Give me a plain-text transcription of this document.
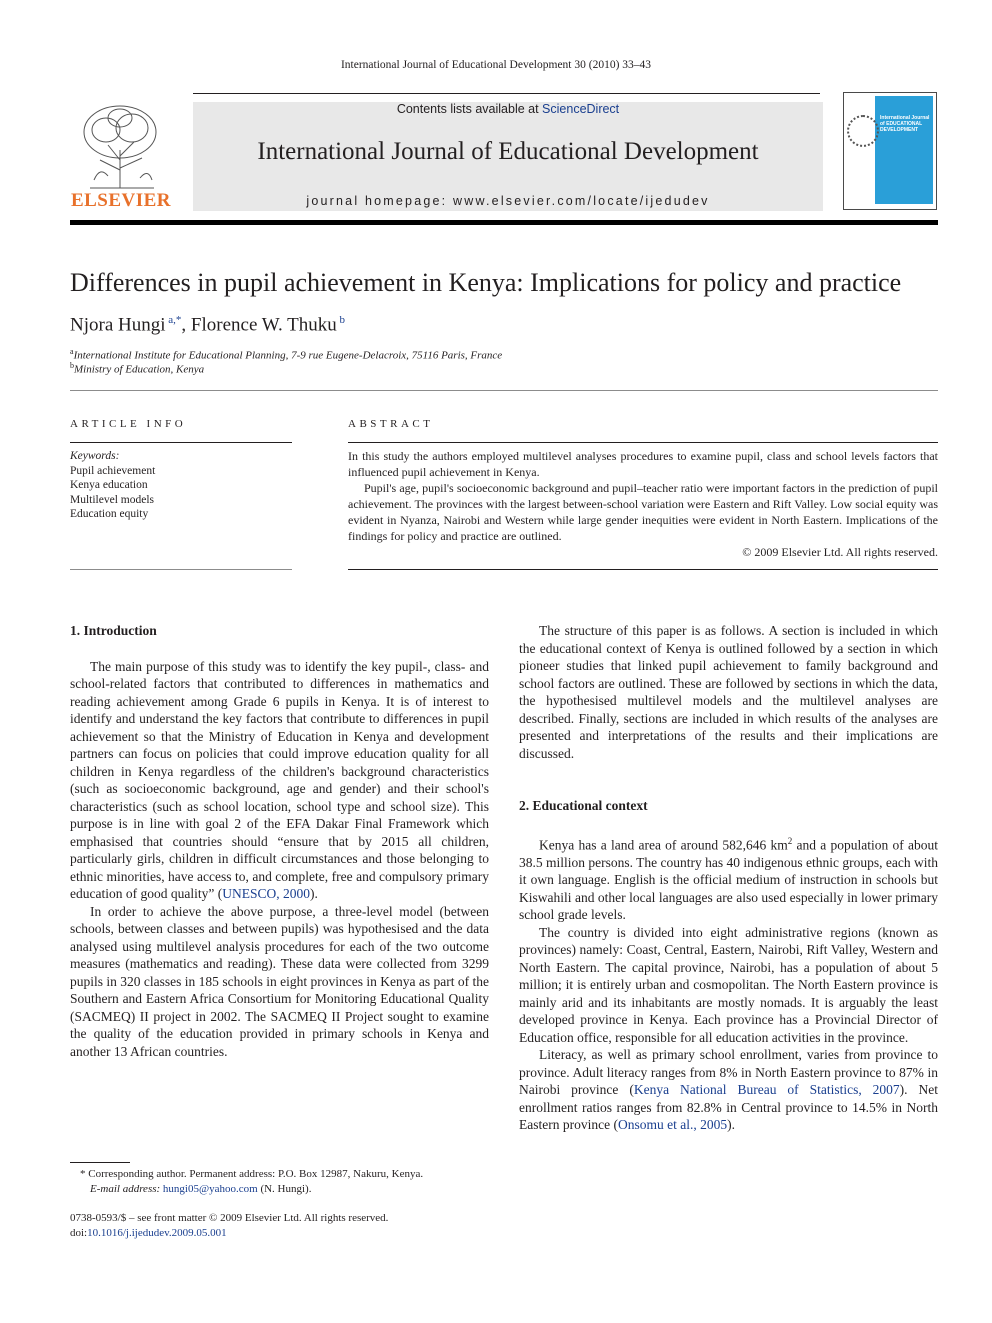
International Journal of Educational Development 30 (2010) 33–43
ELSEVIER
Contents lists available at ScienceDirect
International Journal of Educational Development
journal homepage: www.elsevier.com/locate/ijedudev
International Journal of EDUCATIONAL DEVELOPMENT
Differences in pupil achievement in Kenya: Implications for policy and practice
Njora Hungi $^{a,*}$, Florence W. Thuku $^b$
$^a$International Institute for Educational Planning, 7-9 rue Eugene-Delacroix, 75116 Paris, France
$^b$Ministry of Education, Kenya
ARTICLE INFO
Keywords:
Pupil achievement
Kenya education
Multilevel models
Education equity
ABSTRACT

In this study the authors employed multilevel analyses procedures to examine pupil, class and school levels factors that influenced pupil achievement in Kenya.

Pupil's age, pupil's socioeconomic background and pupil–teacher ratio were important factors in the prediction of pupil achievement. The provinces with the largest between-school variation were Eastern and Rift Valley. Low social equity was evident in Nyanza, Nairobi and Western while large gender inequities were evident in North Eastern. Implications of the findings for policy and practice are outlined.

© 2009 Elsevier Ltd. All rights reserved.

1. Introduction

The main purpose of this study was to identify the key pupil-, class- and school-related factors that contributed to differences in mathematics and reading achievement among Grade 6 pupils in Kenya. It is of interest to identify and understand the key factors that contribute to differences in pupil achievement so that the Ministry of Education in Kenya and development partners can focus on policies that could improve education quality for all children in Kenya regardless of the children's background characteristics (such as socioeconomic background, age and gender) and their school's characteristics (such as school location, school type and school size). This purpose is in line with goal 2 of the EFA Dakar Final Framework which emphasised that countries should “ensure that by 2015 all children, particularly girls, children in difficult circumstances and those belonging to ethnic minorities, have access to, and complete, free and compulsory primary education of good quality” (UNESCO, 2000).

In order to achieve the above purpose, a three-level model (between schools, between classes and between pupils) was hypothesised and the data analysed using multilevel analysis procedures for each of the two outcome measures (mathematics and reading). These data were collected from 3299 pupils in 320 classes in 185 schools in eight provinces in Kenya as part of the Southern and Eastern Africa Consortium for Monitoring Educational Quality (SACMEQ) II project in 2002. The SACMEQ II Project sought to examine the quality of the education provided in primary schools in Kenya and another 13 African countries.

The structure of this paper is as follows. A section is included in which the educational context of Kenya is outlined followed by a section in which pioneer studies that linked pupil achievement to family background and school factors are outlined. These are followed by sections in which the data, the hypothesised multilevel models and the multilevel analyses are described. Finally, sections are included in which results of the analyses are presented and interpretations of the results and their implications are discussed.

2. Educational context

Kenya has a land area of around 582,646 $km^2$ and a population of about 38.5 million persons. The country has 40 indigenous ethnic groups, each with it own language. English is the official medium of instruction in schools but Kiswahili and other local languages are also used especially in lower primary school grade levels.

The country is divided into eight administrative regions (known as provinces) namely: Coast, Central, Eastern, Nairobi, Rift Valley, Western and North Eastern. The capital province, Nairobi, has a population of about 5 million; it is entirely urban and cosmopolitan. The North Eastern province is mainly arid and its inhabitants are mostly nomads. It is arguably the least developed province in Kenya. Each province has a Provincial Director of Education office, responsible for all education activities in the province.

Literacy, as well as primary school enrollment, varies from province to province. Adult literacy ranges from 8% in North Eastern province to 87% in Nairobi province (Kenya National Bureau of Statistics, 2007). Net enrollment ratios ranges from 82.8% in Central province to 14.5% in North Eastern province (Onsomu et al., 2005).

* Corresponding author. Permanent address: P.O. Box 12987, Nakuru, Kenya.
E-mail address: hungi05@yahoo.com (N. Hungi).
0738-0593/$ – see front matter © 2009 Elsevier Ltd. All rights reserved.
doi:10.1016/j.ijedudev.2009.05.001
